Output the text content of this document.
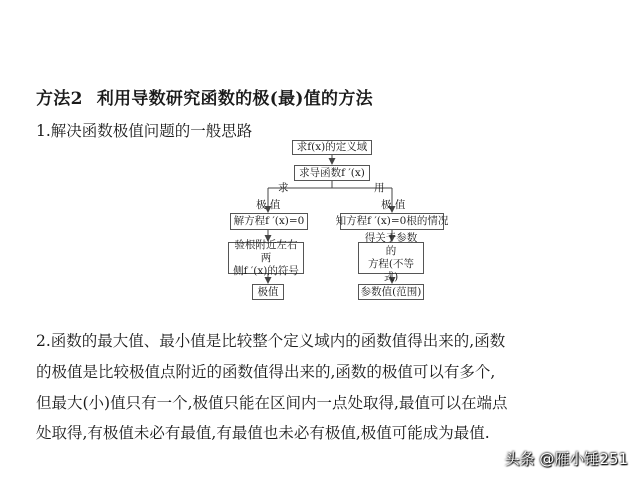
方法2 利用导数研究函数的极(最)值的方法
1.解决函数极值问题的一般思路
求f(x)的定义域
求导函数f ′(x)
求	用
极 值	极 值
解方程f ′(x)=0	知方程f ′(x)=0根的情况
验根附近左右两
侧f ′(x)的符号
得关于参数的
方程(不等式)
极值	参数值(范围)
2.函数的最大值、最小值是比较整个定义域内的函数值得出来的,函数
的极值是比较极值点附近的函数值得出来的,函数的极值可以有多个,
但最大(小)值只有一个,极值只能在区间内一点处取得,最值可以在端点
处取得,有极值未必有最值,有最值也未必有极值,极值可能成为最值.
头条 @雁小锤251
